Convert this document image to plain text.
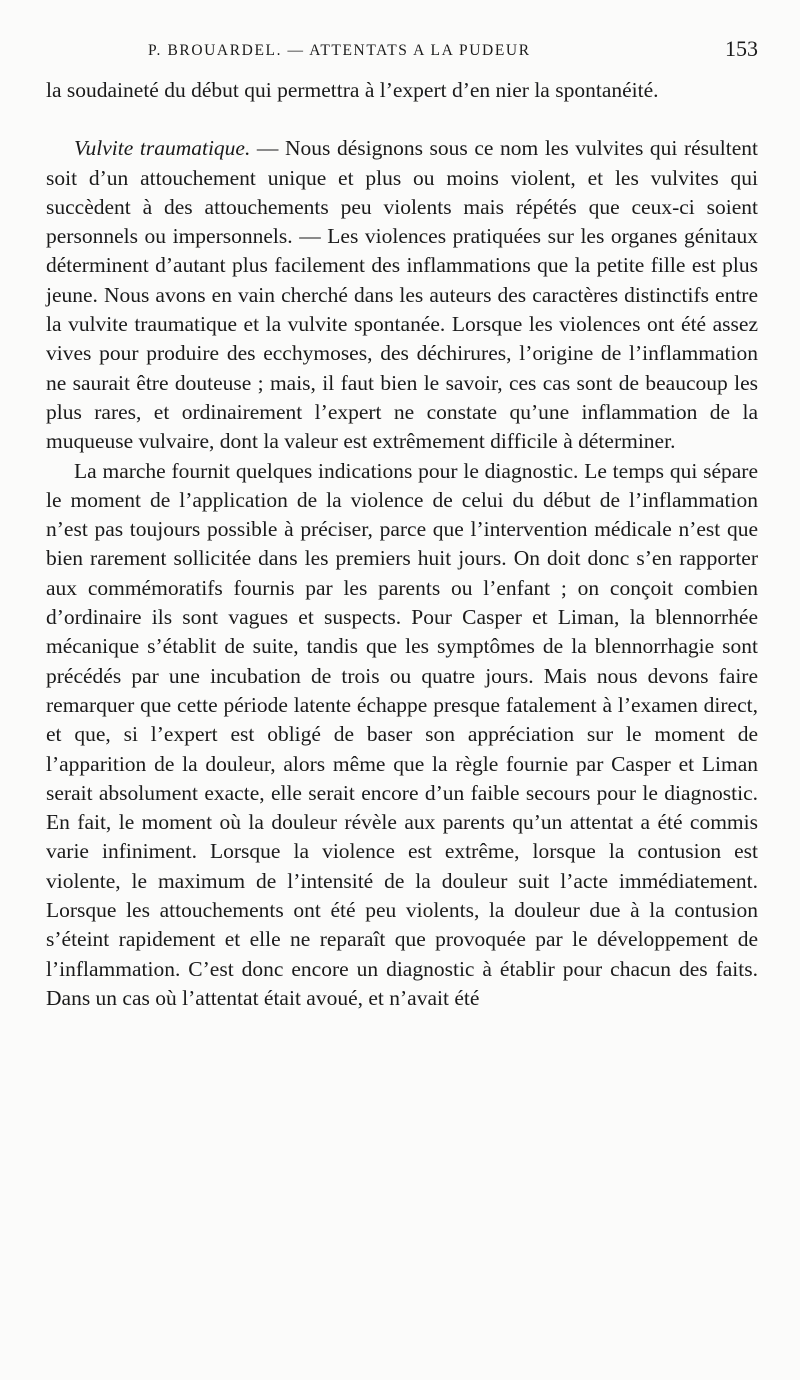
P. BROUARDEL. — ATTENTATS A LA PUDEUR	153

la soudaineté du début qui permettra à l’expert d’en nier la spontanéité.

Vulvite traumatique. — Nous désignons sous ce nom les vulvites qui résultent soit d’un attouchement unique et plus ou moins violent, et les vulvites qui succèdent à des attouchements peu violents mais répétés que ceux-ci soient personnels ou impersonnels. — Les violences pratiquées sur les organes génitaux déterminent d’autant plus facilement des inflammations que la petite fille est plus jeune. Nous avons en vain cherché dans les auteurs des caractères distinctifs entre la vulvite traumatique et la vulvite spontanée. Lorsque les violences ont été assez vives pour produire des ecchymoses, des déchirures, l’origine de l’inflammation ne saurait être douteuse ; mais, il faut bien le savoir, ces cas sont de beaucoup les plus rares, et ordinairement l’expert ne constate qu’une inflammation de la muqueuse vulvaire, dont la valeur est extrêmement difficile à déterminer.

La marche fournit quelques indications pour le diagnostic. Le temps qui sépare le moment de l’application de la violence de celui du début de l’inflammation n’est pas toujours possible à préciser, parce que l’intervention médicale n’est que bien rarement sollicitée dans les premiers huit jours. On doit donc s’en rapporter aux commémoratifs fournis par les parents ou l’enfant ; on conçoit combien d’ordinaire ils sont vagues et suspects. Pour Casper et Liman, la blennorrhée mécanique s’établit de suite, tandis que les symptômes de la blennorrhagie sont précédés par une incubation de trois ou quatre jours. Mais nous devons faire remarquer que cette période latente échappe presque fatalement à l’examen direct, et que, si l’expert est obligé de baser son appréciation sur le moment de l’apparition de la douleur, alors même que la règle fournie par Casper et Liman serait absolument exacte, elle serait encore d’un faible secours pour le diagnostic. En fait, le moment où la douleur révèle aux parents qu’un attentat a été commis varie infiniment. Lorsque la violence est extrême, lorsque la contusion est violente, le maximum de l’intensité de la douleur suit l’acte immédiatement. Lorsque les attouchements ont été peu violents, la douleur due à la contusion s’éteint rapidement et elle ne reparaît que provoquée par le développement de l’inflammation. C’est donc encore un diagnostic à établir pour chacun des faits. Dans un cas où l’attentat était avoué, et n’avait été
